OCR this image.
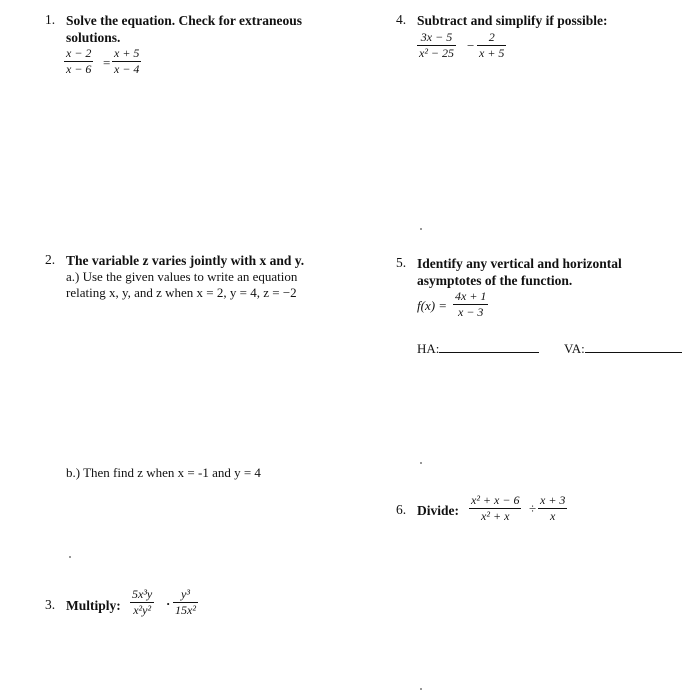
1. Solve the equation. Check for extraneous
solutions.
x − 2
x − 6 =
x + 5
x − 4
4. Subtract and simplify if possible:
3x − 5
x² − 25 −
2
x + 5
2. The variable z varies jointly with x and y.
a.) Use the given values to write an equation
relating x, y, and z when x = 2, y = 4, z = −2
b.) Then find z when x = -1 and y = 4
5. Identify any vertical and horizontal
asymptotes of the function.
f(x) =
4x + 1
x − 3
HA:	VA:
6. Divide:
x² + x − 6
x² + x ÷
x + 3
x
3. Multiply:
5x³y
x²y² ·
y³
15x²
